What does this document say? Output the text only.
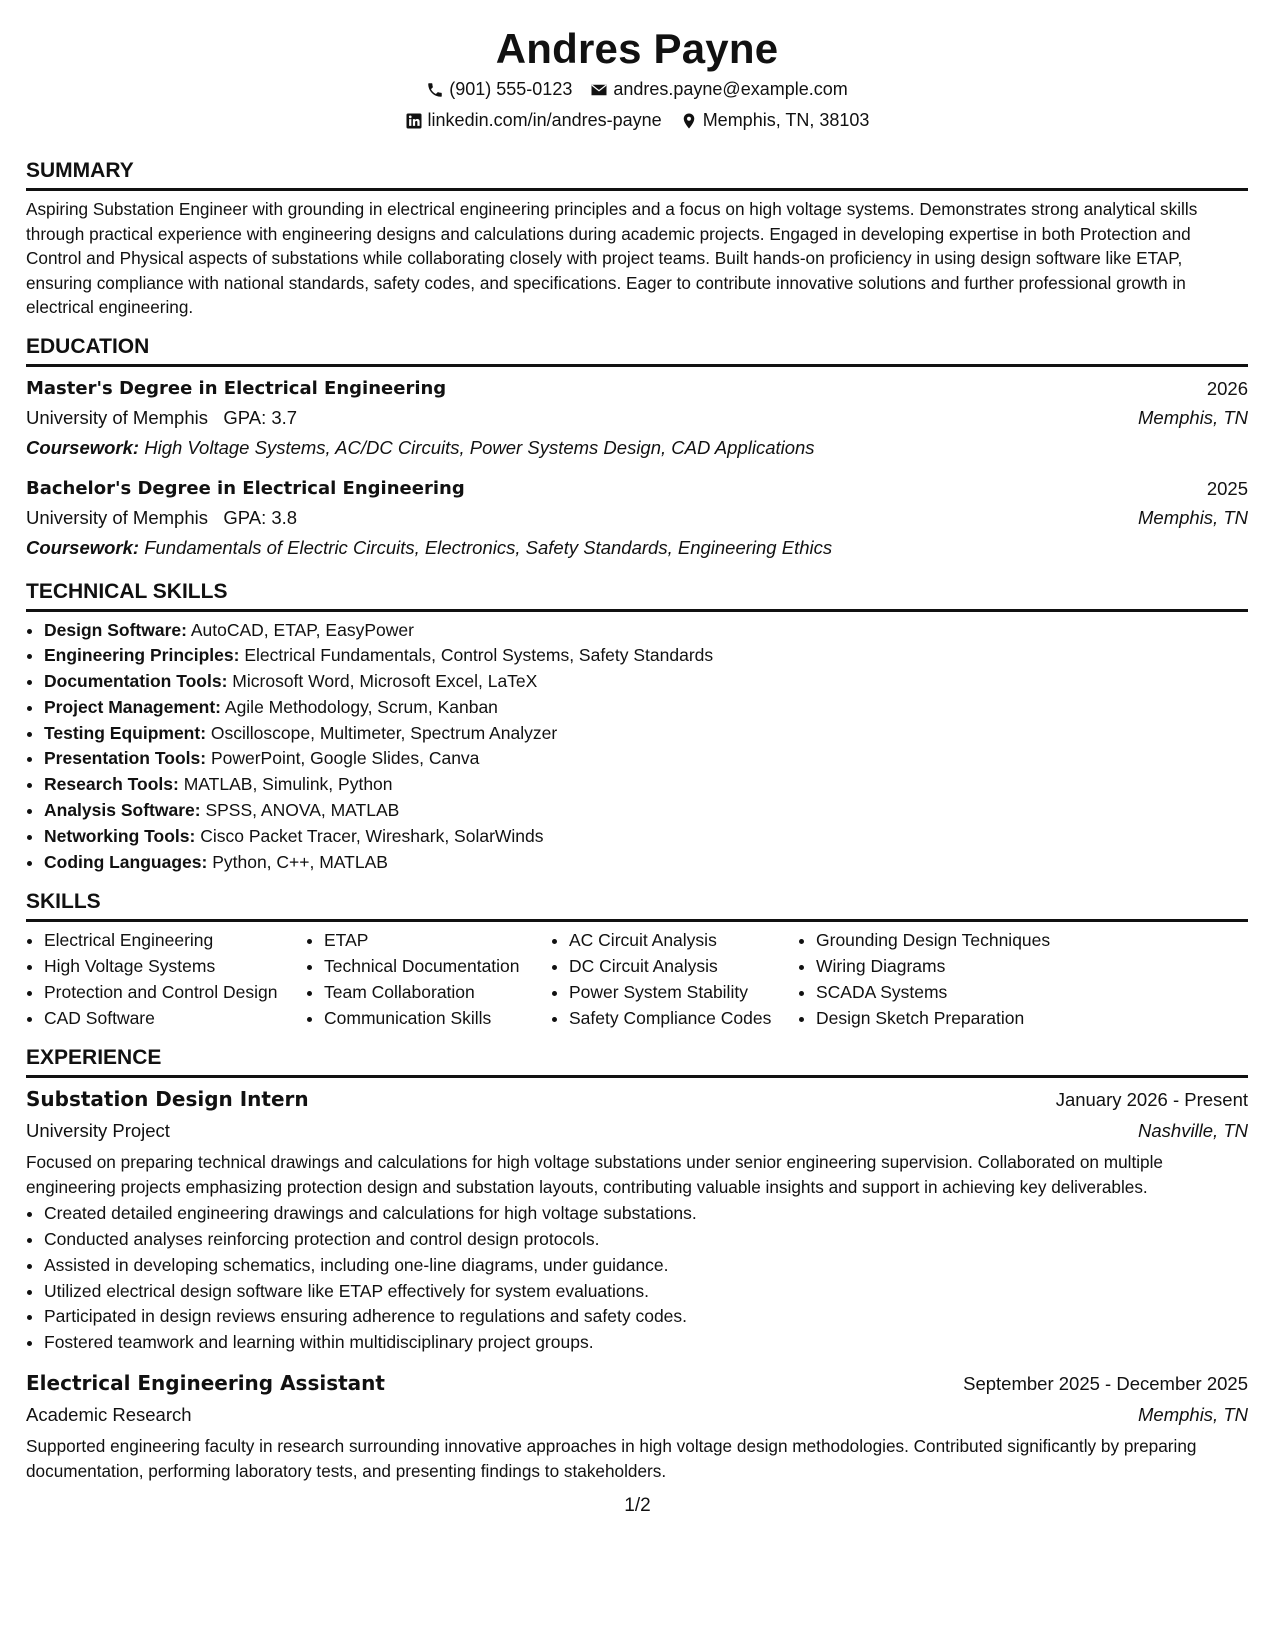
Andres Payne
(901) 555-0123 andres.payne@example.com
linkedin.com/in/andres-payne Memphis, TN, 38103
SUMMARY
Aspiring Substation Engineer with grounding in electrical engineering principles and a focus on high voltage systems. Demonstrates strong analytical skills through practical experience with engineering designs and calculations during academic projects. Engaged in developing expertise in both Protection and Control and Physical aspects of substations while collaborating closely with project teams. Built hands-on proficiency in using design software like ETAP, ensuring compliance with national standards, safety codes, and specifications. Eager to contribute innovative solutions and further professional growth in electrical engineering.
EDUCATION
Master's Degree in Electrical Engineering	2026
University of Memphis GPA: 3.7	Memphis, TN
Coursework: High Voltage Systems, AC/DC Circuits, Power Systems Design, CAD Applications
Bachelor's Degree in Electrical Engineering	2025
University of Memphis GPA: 3.8	Memphis, TN
Coursework: Fundamentals of Electric Circuits, Electronics, Safety Standards, Engineering Ethics
TECHNICAL SKILLS
• Design Software: AutoCAD, ETAP, EasyPower
• Engineering Principles: Electrical Fundamentals, Control Systems, Safety Standards
• Documentation Tools: Microsoft Word, Microsoft Excel, LaTeX
• Project Management: Agile Methodology, Scrum, Kanban
• Testing Equipment: Oscilloscope, Multimeter, Spectrum Analyzer
• Presentation Tools: PowerPoint, Google Slides, Canva
• Research Tools: MATLAB, Simulink, Python
• Analysis Software: SPSS, ANOVA, MATLAB
• Networking Tools: Cisco Packet Tracer, Wireshark, SolarWinds
• Coding Languages: Python, C++, MATLAB
SKILLS
• Electrical Engineering
• High Voltage Systems
• Protection and Control Design
• CAD Software
• ETAP
• Technical Documentation
• Team Collaboration
• Communication Skills
• AC Circuit Analysis
• DC Circuit Analysis
• Power System Stability
• Safety Compliance Codes
• Grounding Design Techniques
• Wiring Diagrams
• SCADA Systems
• Design Sketch Preparation
EXPERIENCE
Substation Design Intern	January 2026 - Present
University Project	Nashville, TN
Focused on preparing technical drawings and calculations for high voltage substations under senior engineering supervision. Collaborated on multiple engineering projects emphasizing protection design and substation layouts, contributing valuable insights and support in achieving key deliverables.
• Created detailed engineering drawings and calculations for high voltage substations.
• Conducted analyses reinforcing protection and control design protocols.
• Assisted in developing schematics, including one-line diagrams, under guidance.
• Utilized electrical design software like ETAP effectively for system evaluations.
• Participated in design reviews ensuring adherence to regulations and safety codes.
• Fostered teamwork and learning within multidisciplinary project groups.
Electrical Engineering Assistant	September 2025 - December 2025
Academic Research	Memphis, TN
Supported engineering faculty in research surrounding innovative approaches in high voltage design methodologies. Contributed significantly by preparing documentation, performing laboratory tests, and presenting findings to stakeholders.
1/2
